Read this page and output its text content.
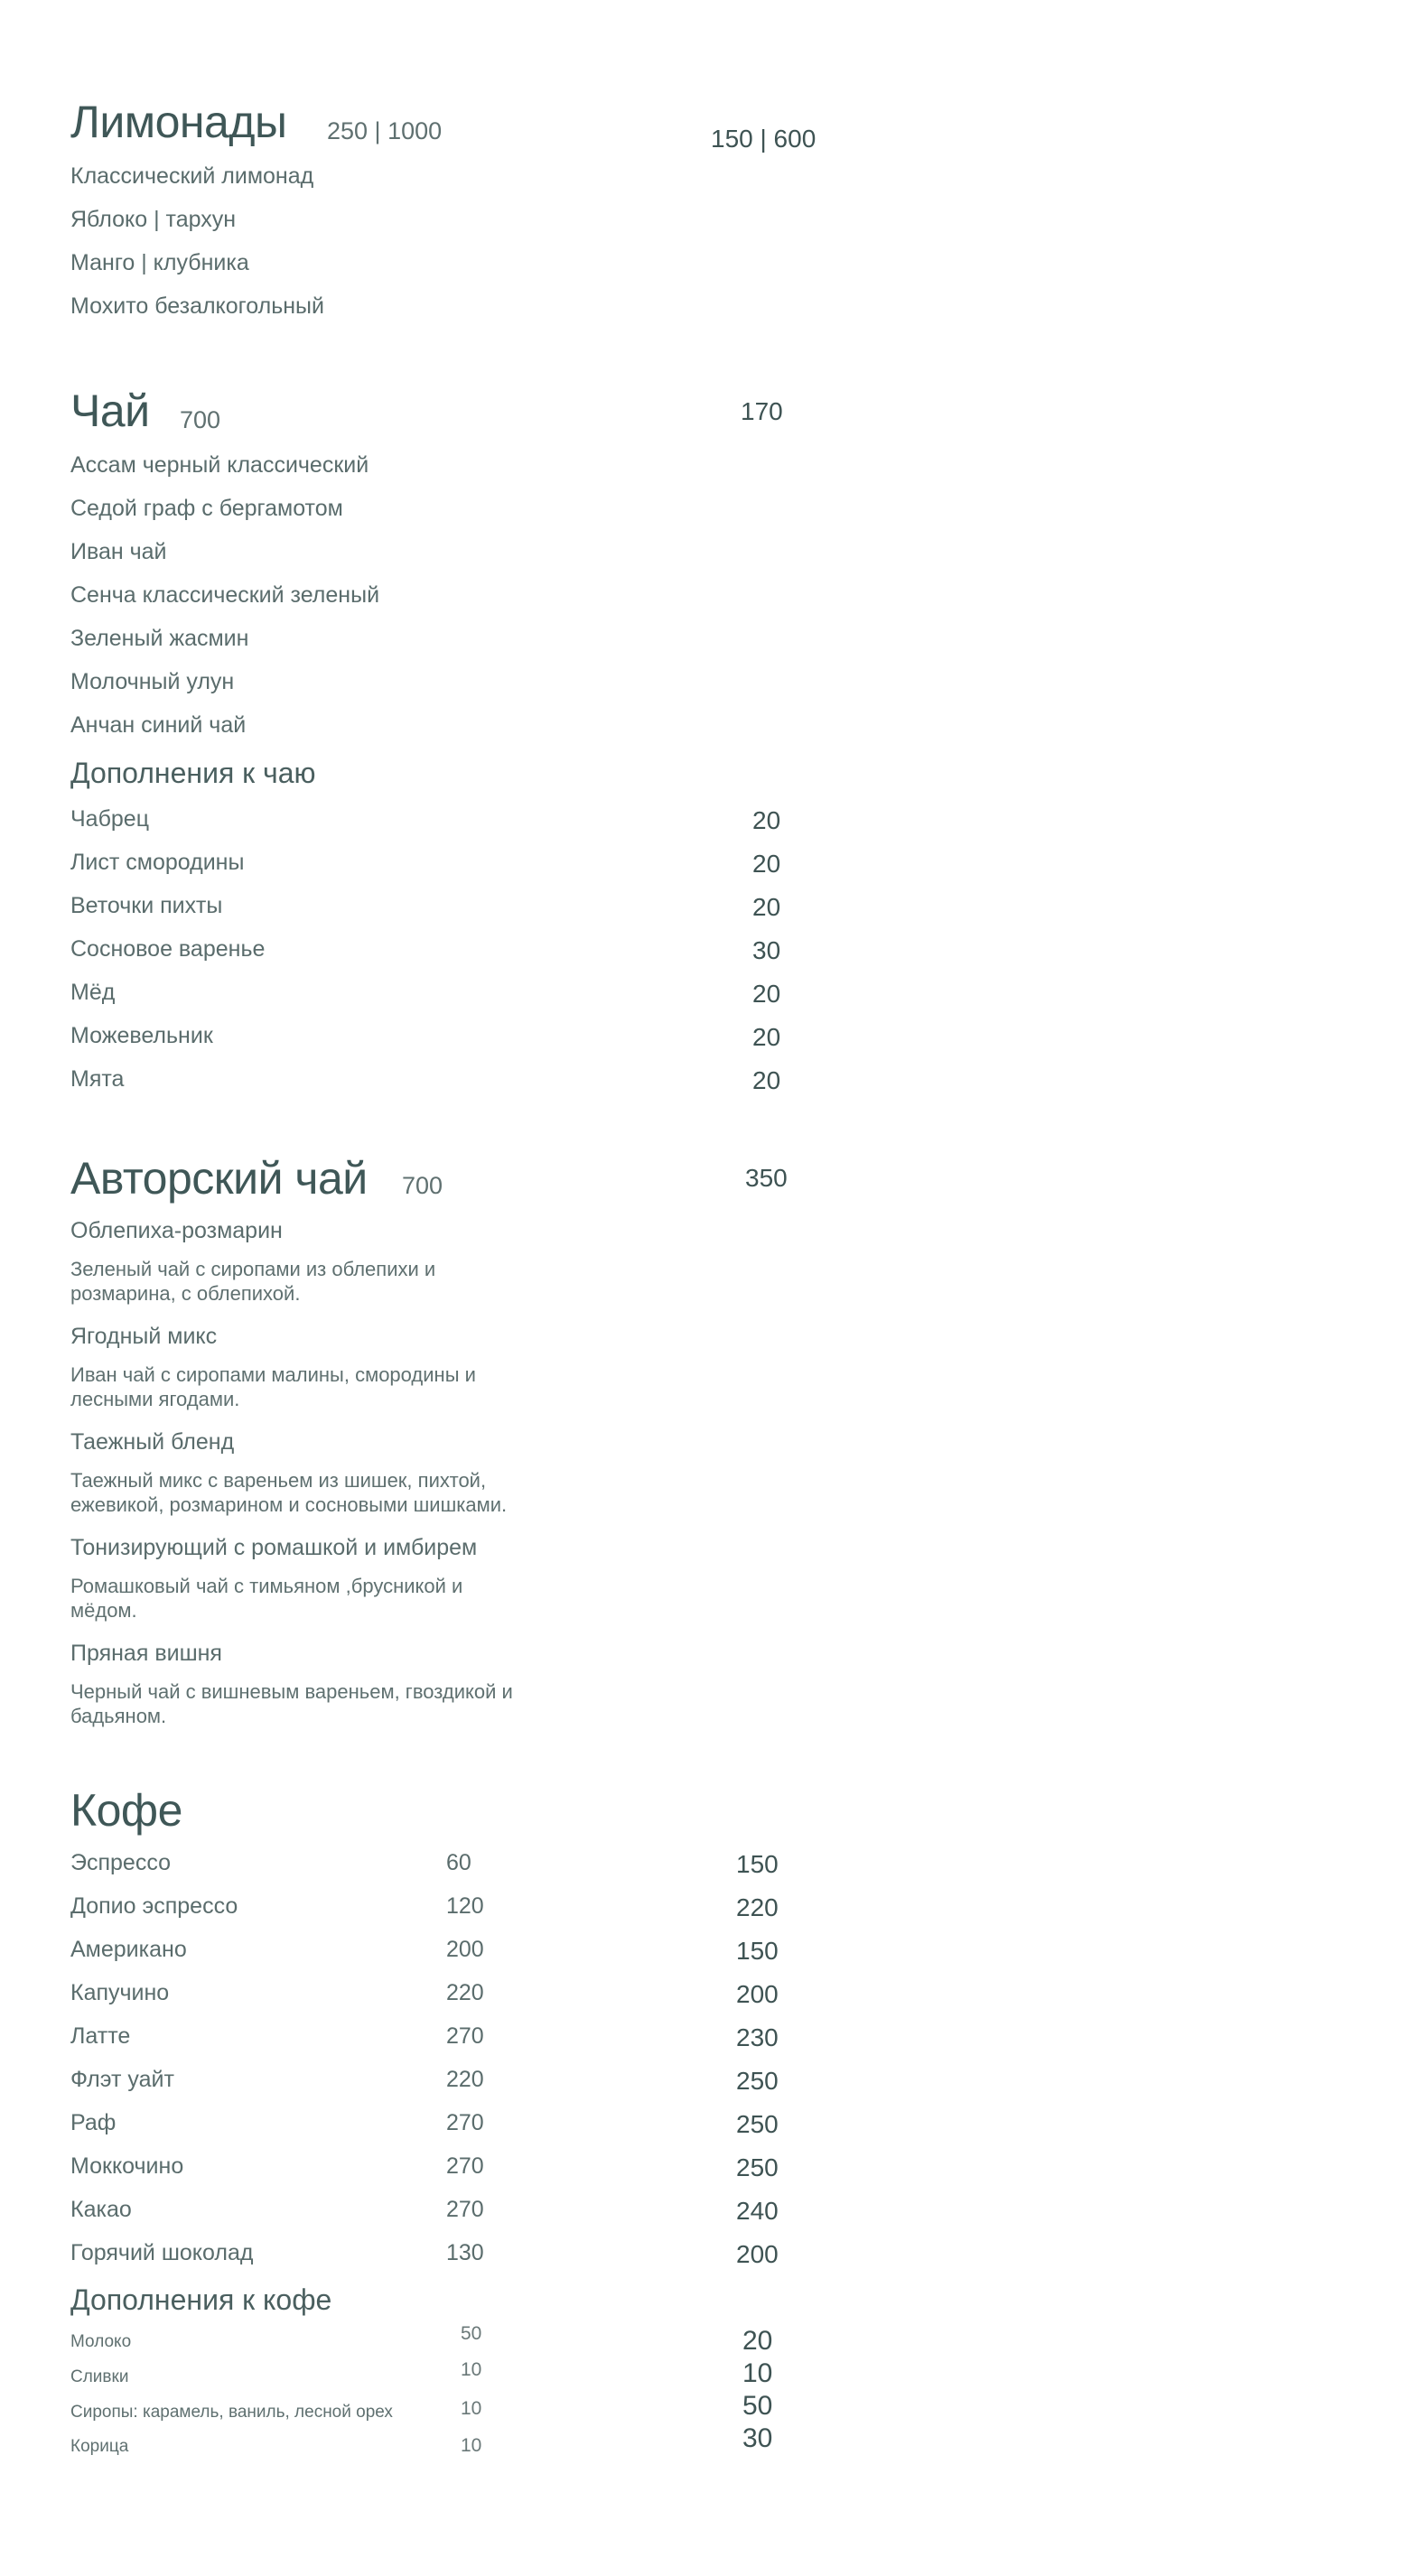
Лимонады 250 | 1000	150 | 600
Классический лимонад
Яблоко | тархун
Манго | клубника
Мохито безалкогольный
Чай 700	170
Ассам черный классический
Седой граф с бергамотом
Иван чай
Сенча классический зеленый
Зеленый жасмин
Молочный улун
Анчан синий чай
Дополнения к чаю
Чабрец	20
Лист смородины	20
Веточки пихты	20
Сосновое варенье	30
Мёд	20
Можевельник	20
Мята	20
Авторский чай 700	350
Облепиха-розмарин
Зеленый чай с сиропами из облепихи и
розмарина, с облепихой.
Ягодный микс
Иван чай с сиропами малины, смородины и
лесными ягодами.
Таежный бленд
Таежный микс с вареньем из шишек, пихтой,
ежевикой, розмарином и сосновыми шишками.
Тонизирующий с ромашкой и имбирем
Ромашковый чай с тимьяном ,брусникой и
мёдом.
Пряная вишня
Черный чай с вишневым вареньем, гвоздикой и
бадьяном.
Кофе
Эспрессо	60	150
Допио эспрессо	120	220
Американо	200	150
Капучино	220	200
Латте	270	230
Флэт уайт	220	250
Раф	270	250
Моккочино	270	250
Какао	270	240
Горячий шоколад	130	200
Дополнения к кофе
Молоко	50	20
Сливки	10	10
Сиропы: карамель, ваниль, лесной орех	10	50
Корица	10	30
